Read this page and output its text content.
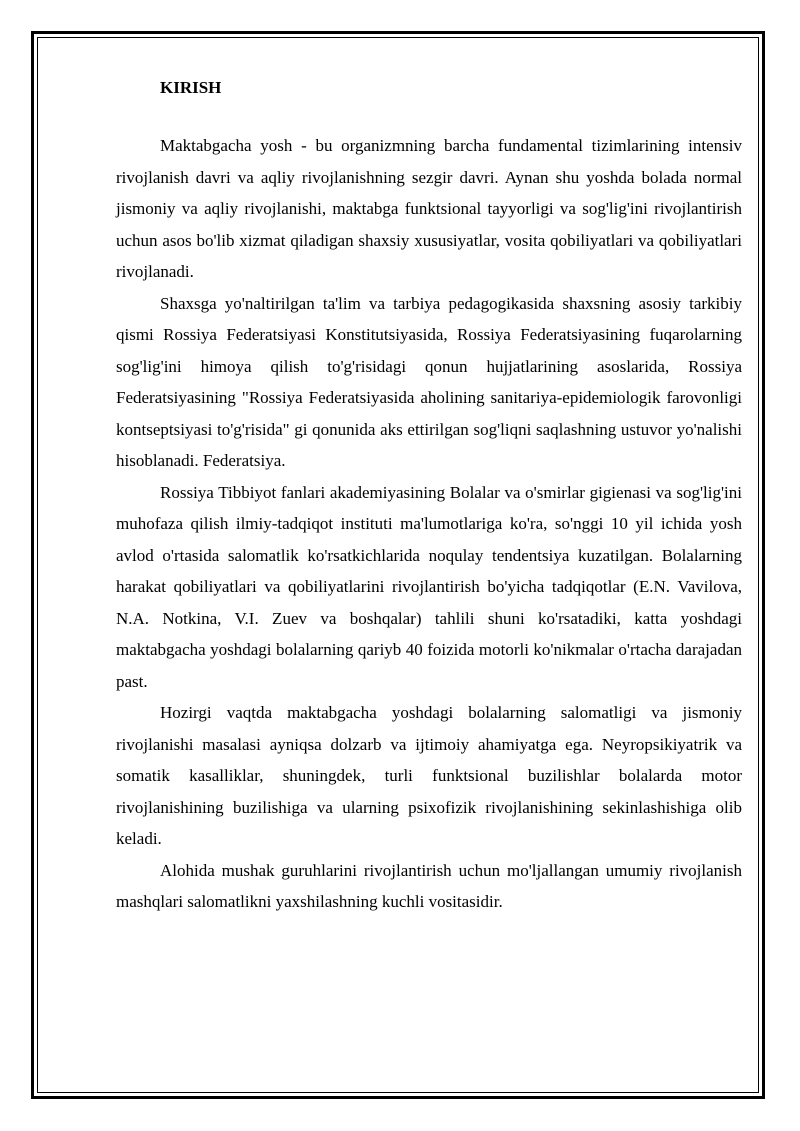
KIRISH

Maktabgacha yosh - bu organizmning barcha fundamental tizimlarining intensiv rivojlanish davri va aqliy rivojlanishning sezgir davri. Aynan shu yoshda bolada normal jismoniy va aqliy rivojlanishi, maktabga funktsional tayyorligi va sog'lig'ini rivojlantirish uchun asos bo'lib xizmat qiladigan shaxsiy xususiyatlar, vosita qobiliyatlari va qobiliyatlari rivojlanadi.

Shaxsga yo'naltirilgan ta'lim va tarbiya pedagogikasida shaxsning asosiy tarkibiy qismi Rossiya Federatsiyasi Konstitutsiyasida, Rossiya Federatsiyasining fuqarolarning sog'lig'ini himoya qilish to'g'risidagi qonun hujjatlarining asoslarida, Rossiya Federatsiyasining "Rossiya Federatsiyasida aholining sanitariya-epidemiologik farovonligi kontseptsiyasi to'g'risida" gi qonunida aks ettirilgan sog'liqni saqlashning ustuvor yo'nalishi hisoblanadi. Federatsiya.

Rossiya Tibbiyot fanlari akademiyasining Bolalar va o'smirlar gigienasi va sog'lig'ini muhofaza qilish ilmiy-tadqiqot instituti ma'lumotlariga ko'ra, so'nggi 10 yil ichida yosh avlod o'rtasida salomatlik ko'rsatkichlarida noqulay tendentsiya kuzatilgan. Bolalarning harakat qobiliyatlari va qobiliyatlarini rivojlantirish bo'yicha tadqiqotlar (E.N. Vavilova, N.A. Notkina, V.I. Zuev va boshqalar) tahlili shuni ko'rsatadiki, katta yoshdagi maktabgacha yoshdagi bolalarning qariyb 40 foizida motorli ko'nikmalar o'rtacha darajadan past.

Hozirgi vaqtda maktabgacha yoshdagi bolalarning salomatligi va jismoniy rivojlanishi masalasi ayniqsa dolzarb va ijtimoiy ahamiyatga ega. Neyropsikiyatrik va somatik kasalliklar, shuningdek, turli funktsional buzilishlar bolalarda motor rivojlanishining buzilishiga va ularning psixofizik rivojlanishining sekinlashishiga olib keladi.

Alohida mushak guruhlarini rivojlantirish uchun mo'ljallangan umumiy rivojlanish mashqlari salomatlikni yaxshilashning kuchli vositasidir.
